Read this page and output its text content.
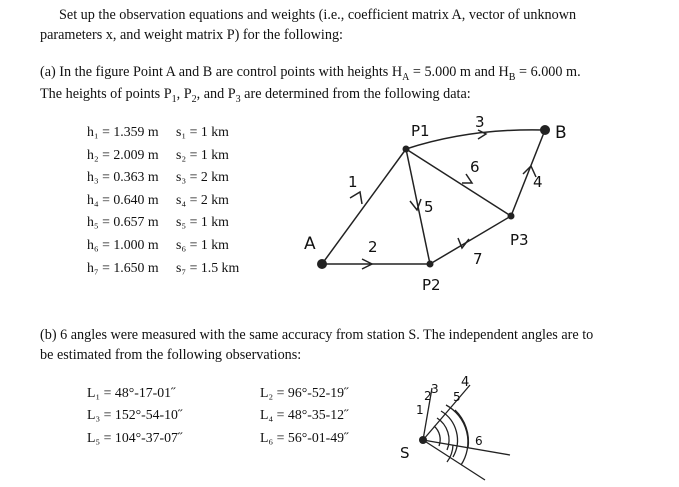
Set up the observation equations and weights (i.e., coefficient matrix A, vector of unknown
parameters x, and weight matrix P) for the following:
(a) In the figure Point A and B are control points with heights $H_A = 5.000$ m and $H_B = 6.000$ m.
The heights of points $P_1$, $P_2$, and $P_3$ are determined from the following data:
h₁ = 1.359 m s₁ = 1 km
h₂ = 2.009 m s₂ = 1 km
h₃ = 0.363 m s₃ = 2 km
h₄ = 0.640 m s₄ = 2 km
h₅ = 0.657 m s₅ = 1 km
h₆ = 1.000 m s₆ = 1 km
h₇ = 1.650 m s₇ = 1.5 km
A
B
P1
P2
P3
1
2
3
4
5
6
7
(b) 6 angles were measured with the same accuracy from station S. The independent angles are to
be estimated from the following observations:
L₁ = 48°-17-01˝	L₂ = 96°-52-19˝
L₃ = 152°-54-10˝	L₄ = 48°-35-12˝
L₅ = 104°-37-07˝	L₆ = 56°-01-49˝
S
1
2 3 4
5
6
